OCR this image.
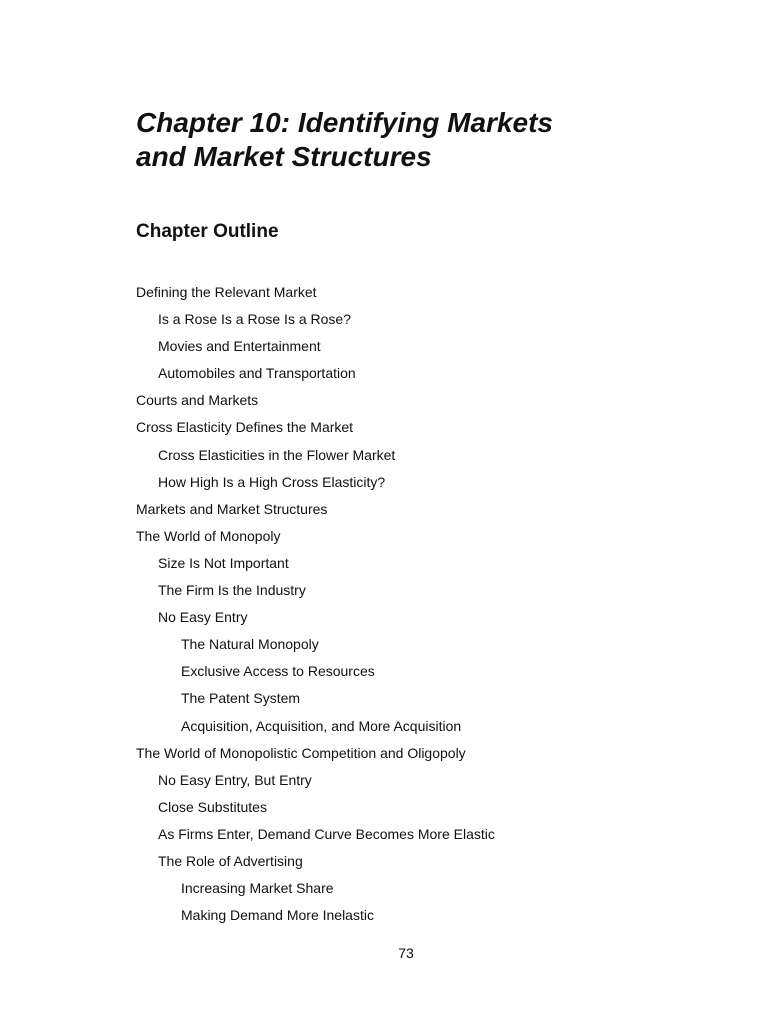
Chapter 10: Identifying Markets
and Market Structures
Chapter Outline
Defining the Relevant Market
Is a Rose Is a Rose Is a Rose?
Movies and Entertainment
Automobiles and Transportation
Courts and Markets
Cross Elasticity Defines the Market
Cross Elasticities in the Flower Market
How High Is a High Cross Elasticity?
Markets and Market Structures
The World of Monopoly
Size Is Not Important
The Firm Is the Industry
No Easy Entry
The Natural Monopoly
Exclusive Access to Resources
The Patent System
Acquisition, Acquisition, and More Acquisition
The World of Monopolistic Competition and Oligopoly
No Easy Entry, But Entry
Close Substitutes
As Firms Enter, Demand Curve Becomes More Elastic
The Role of Advertising
Increasing Market Share
Making Demand More Inelastic
73
